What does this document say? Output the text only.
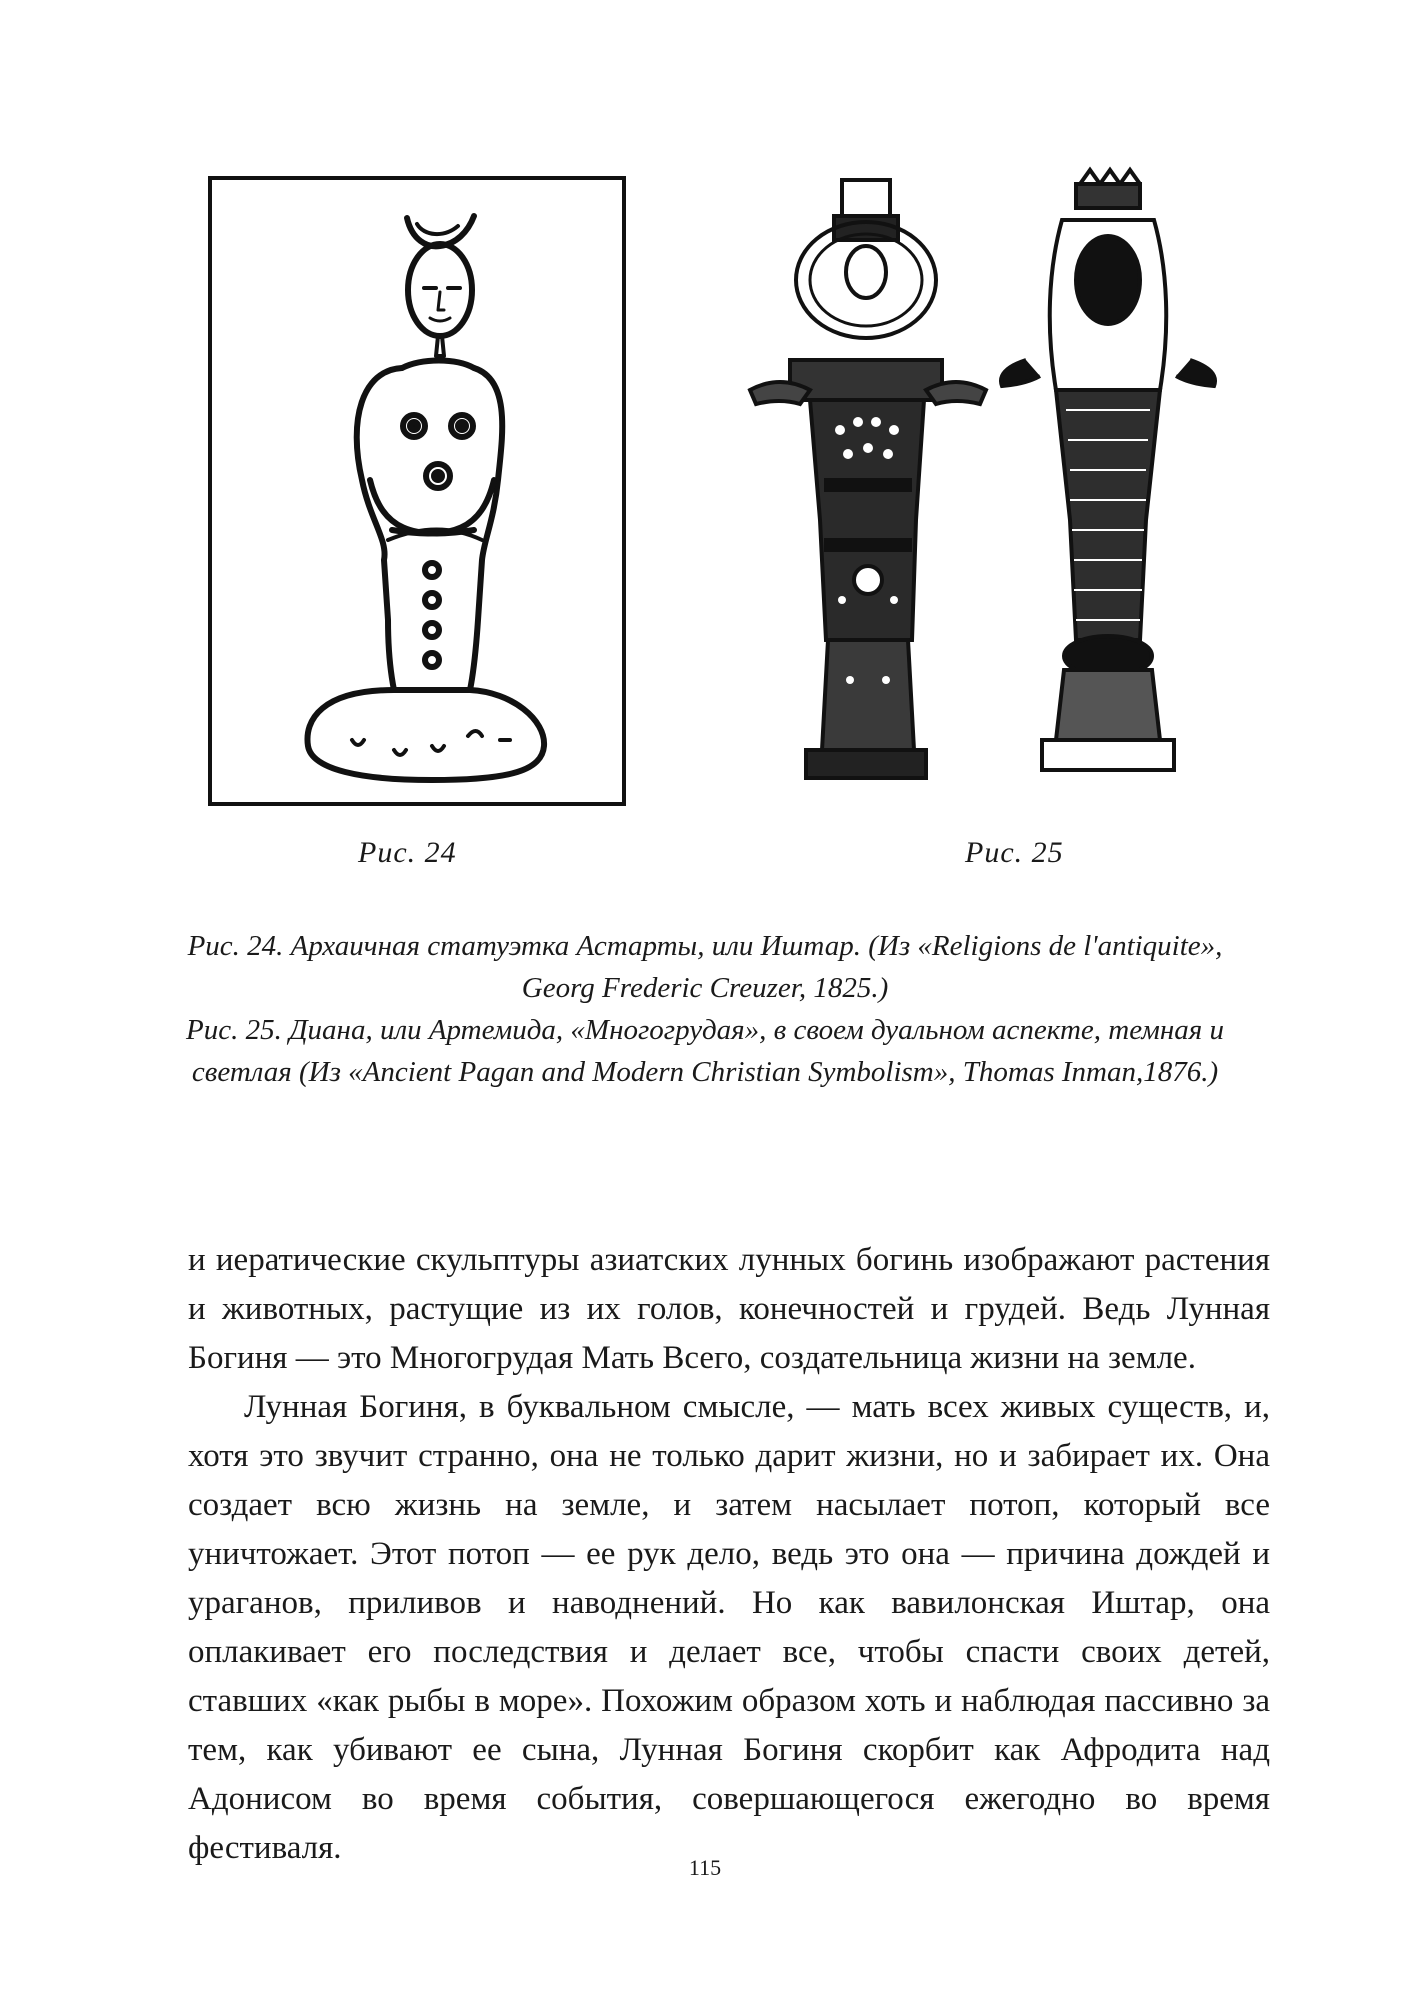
Рис. 24	Рис. 25

Рис. 24. Архаичная статуэтка Астарты, или Иштар. (Из «Religions de l'antiquite», Georg Frederic Creuzer, 1825.)

Рис. 25. Диана, или Артемида, «Многогрудая», в своем дуальном аспекте, темная и светлая (Из «Ancient Pagan and Modern Christian Symbolism», Thomas Inman,1876.)

и иератические скульптуры азиатских лунных богинь изображают растения и животных, растущие из их голов, конечностей и грудей. Ведь Лунная Богиня — это Многогрудая Мать Всего, создательница жизни на земле.

Лунная Богиня, в буквальном смысле, — мать всех живых существ, и, хотя это звучит странно, она не только дарит жизни, но и забирает их. Она создает всю жизнь на земле, и затем насылает потоп, который все уничтожает. Этот потоп — ее рук дело, ведь это она — причина дождей и ураганов, приливов и наводнений. Но как вавилонская Иштар, она оплакивает его последствия и делает все, чтобы спасти своих детей, ставших «как рыбы в море». Похожим образом хоть и наблюдая пассивно за тем, как убивают ее сына, Лунная Богиня скорбит как Афродита над Адонисом во время события, совершающегося ежегодно во время фестиваля.

115
